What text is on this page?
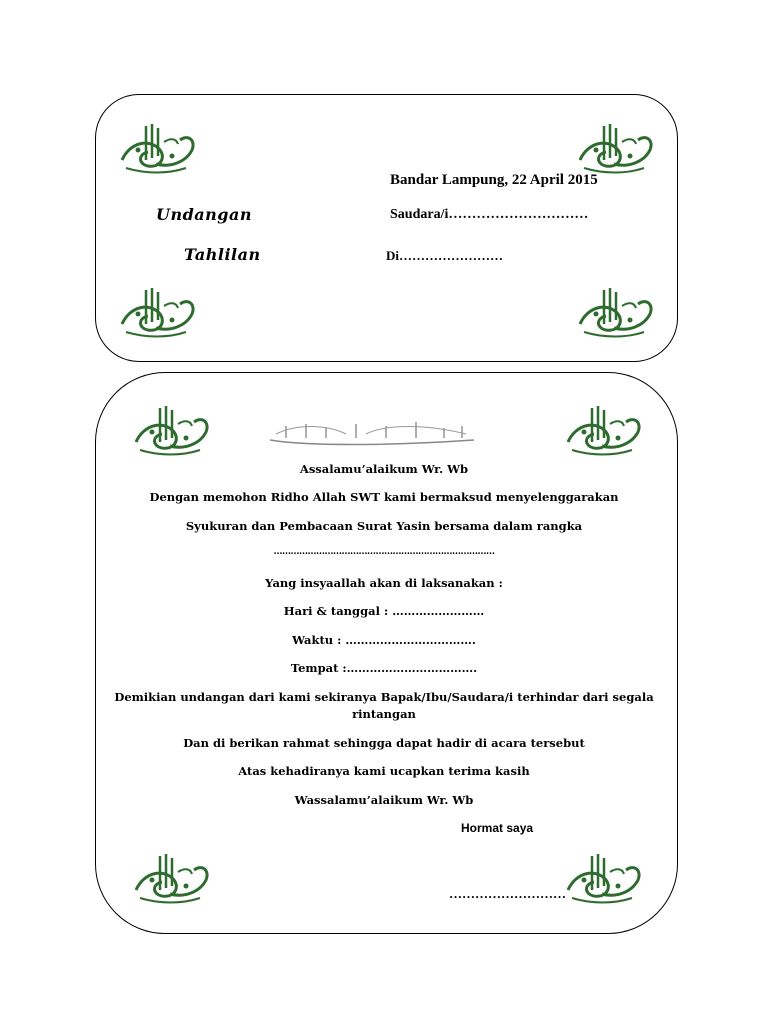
Bandar Lampung, 22 April 2015
Undangan
Tahlilan
Saudara/i…………………………
Di……………………
Assalamu’alaikum Wr. Wb
Dengan memohon Ridho Allah SWT kami bermaksud menyelenggarakan
Syukuran dan Pembacaan Surat Yasin bersama dalam rangka
……………………………………………………………………
Yang insyaallah akan di laksanakan :
Hari & tanggal : ……………………
Waktu : …………………………….
Tempat :…………………………….
Demikian undangan dari kami sekiranya Bapak/Ibu/Saudara/i terhindar dari segala
rintangan
Dan di berikan rahmat sehingga dapat hadir di acara tersebut
Atas kehadiranya kami ucapkan terima kasih
Wassalamu’alaikum Wr. Wb
Hormat saya
………………………
